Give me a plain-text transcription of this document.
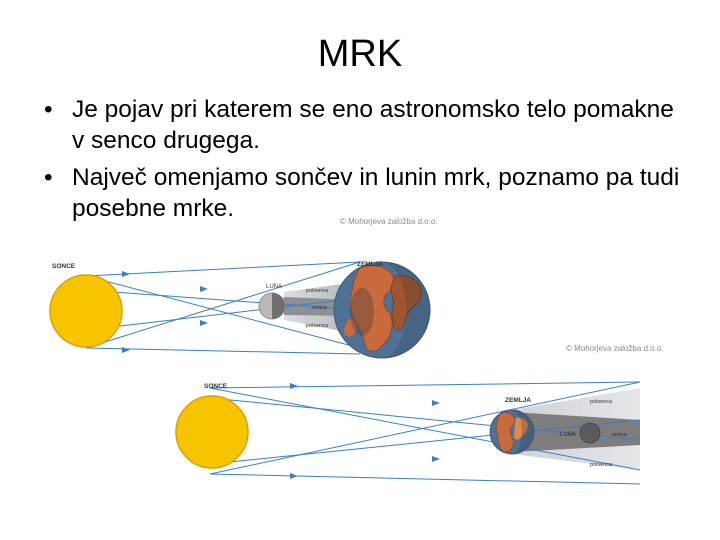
© Mohorjeva založba d.o.o.
SONCE
LUNA
polsenca
senca
polsenca
ZEMLJA
© Mohorjeva založba d.o.o.
SONCE
ZEMLJA
LUNA
polsenca
senca
polsenca
MRK
• Je pojav pri katerem se eno astronomsko telo pomakne v senco drugega.
• Največ omenjamo sončev in lunin mrk, poznamo pa tudi posebne mrke.
